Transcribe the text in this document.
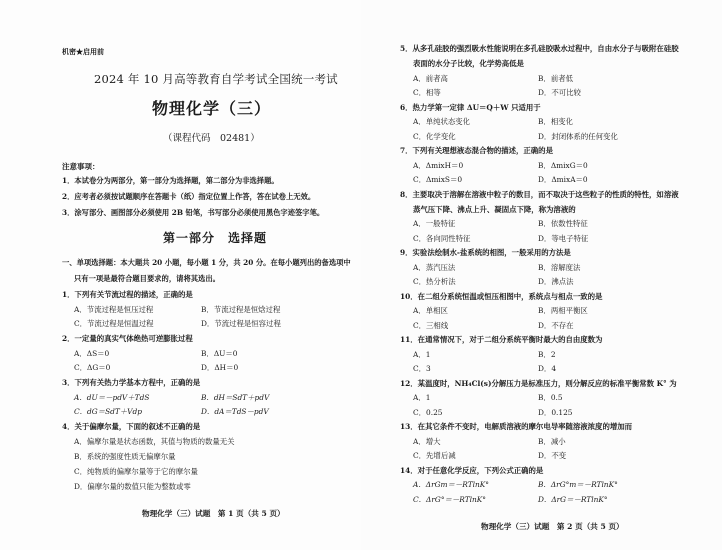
机密★启用前
2024 年 10 月高等教育自学考试全国统一考试
物理化学（三）
（课程代码　02481）
注意事项：
1．本试卷分为两部分，第一部分为选择题，第二部分为非选择题。
2．应考者必须按试题顺序在答题卡（纸）指定位置上作答，答在试卷上无效。
3．涂写部分、画图部分必须使用 2B 铅笔，书写部分必须使用黑色字迹签字笔。
第一部分　选择题
一、单项选择题：本大题共 20 小题，每小题 1 分，共 20 分。在每小题列出的备选项中
只有一项是最符合题目要求的，请将其选出。
1．下列有关节流过程的描述，正确的是
A．节流过程是恒压过程	B．节流过程是恒焓过程
C．节流过程是恒温过程	D．节流过程是恒容过程
2．一定量的真实气体绝热可逆膨胀过程
A．ΔS＝0	B．ΔU＝0
C．ΔG＝0	D．ΔH＝0
3．下列有关热力学基本方程中，正确的是
A．dU＝－pdV＋TdS	B．dH＝SdT＋pdV
C．dG＝SdT＋Vdp	D．dA＝TdS－pdV
4．关于偏摩尔量，下面的叙述不正确的是
A．偏摩尔量是状态函数，其值与物质的数量无关
B．系统的强度性质无偏摩尔量
C．纯物质的偏摩尔量等于它的摩尔量
D．偏摩尔量的数值只能为整数或零
物理化学（三）试题　第 1 页（共 5 页）
5．从多孔硅胶的强烈吸水性能说明在多孔硅胶吸水过程中，自由水分子与吸附在硅胶
表面的水分子比较，化学势高低是
A．前者高	B．前者低
C．相等	D．不可比较
6．热力学第一定律 ΔU＝Q＋W 只适用于
A．单纯状态变化	B．相变化
C．化学变化	D．封闭体系的任何变化
7．下列有关理想液态混合物的描述，正确的是
A．ΔmixH＝0	B．ΔmixG＝0
C．ΔmixS＝0	D．ΔmixA＝0
8．主要取决于溶解在溶液中粒子的数目，而不取决于这些粒子的性质的特性，如溶液
蒸气压下降、沸点上升、凝固点下降，称为溶液的
A．一般特征	B．依数性特征
C．各向同性特征	D．等电子特征
9．实验法绘制水-盐系统的相图，一般采用的方法是
A．蒸汽压法	B．溶解度法
C．热分析法	D．沸点法
10．在二组分系统恒温或恒压相图中，系统点与相点一致的是
A．单相区	B．两相平衡区
C．三相线	D．不存在
11．在通常情况下，对于二组分系统平衡时最大的自由度数为
A．1	B．2
C．3	D．4
12．某温度时，NH₄Cl(s)分解压力是标准压力，则分解反应的标准平衡常数 K° 为
A．1	B．0.5
C．0.25	D．0.125
13．在其它条件不变时，电解质溶液的摩尔电导率随溶液浓度的增加而
A．增大	B．减小
C．先增后减	D．不变
14．对于任意化学反应，下列公式正确的是
A．ΔrGm＝－RTlnK°	B．ΔrG°m＝－RTlnK°
C．ΔrG°＝－RTlnK°	D．ΔrG＝－RTlnK°
物理化学（三）试题　第 2 页（共 5 页）
